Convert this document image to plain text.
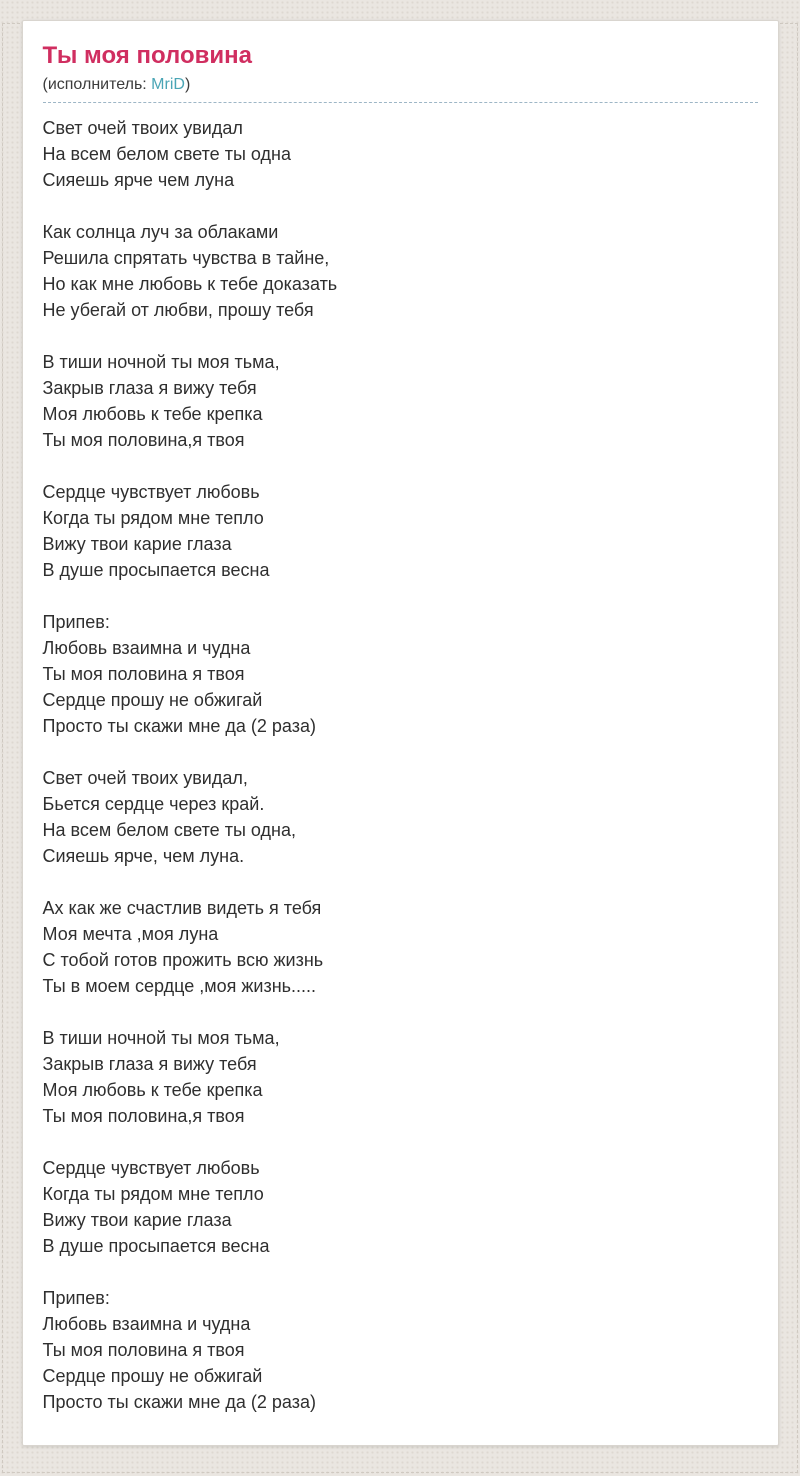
Ты моя половина
(исполнитель: MriD)

Свет очей твоих увидал
На всем белом свете ты одна
Сияешь ярче чем луна

Как солнца луч за облаками
Решила спрятать чувства в тайне,
Но как мне любовь к тебе доказать
Не убегай от любви, прошу тебя

В тиши ночной ты моя тьма,
Закрыв глаза я вижу тебя
Моя любовь к тебе крепка
Ты моя половина,я твоя

Сердце чувствует любовь
Когда ты рядом мне тепло
Вижу твои карие глаза
В душе просыпается весна

Припев:
Любовь взаимна и чудна
Ты моя половина я твоя
Сердце прошу не обжигай
Просто ты скажи мне да (2 раза)

Свет очей твоих увидал,
Бьется сердце через край.
На всем белом свете ты одна,
Сияешь ярче, чем луна.

Ах как же счастлив видеть я тебя
Моя мечта ,моя луна
С тобой готов прожить всю жизнь
Ты в моем сердце ,моя жизнь.....

В тиши ночной ты моя тьма,
Закрыв глаза я вижу тебя
Моя любовь к тебе крепка
Ты моя половина,я твоя

Сердце чувствует любовь
Когда ты рядом мне тепло
Вижу твои карие глаза
В душе просыпается весна

Припев:
Любовь взаимна и чудна
Ты моя половина я твоя
Сердце прошу не обжигай
Просто ты скажи мне да (2 раза)
